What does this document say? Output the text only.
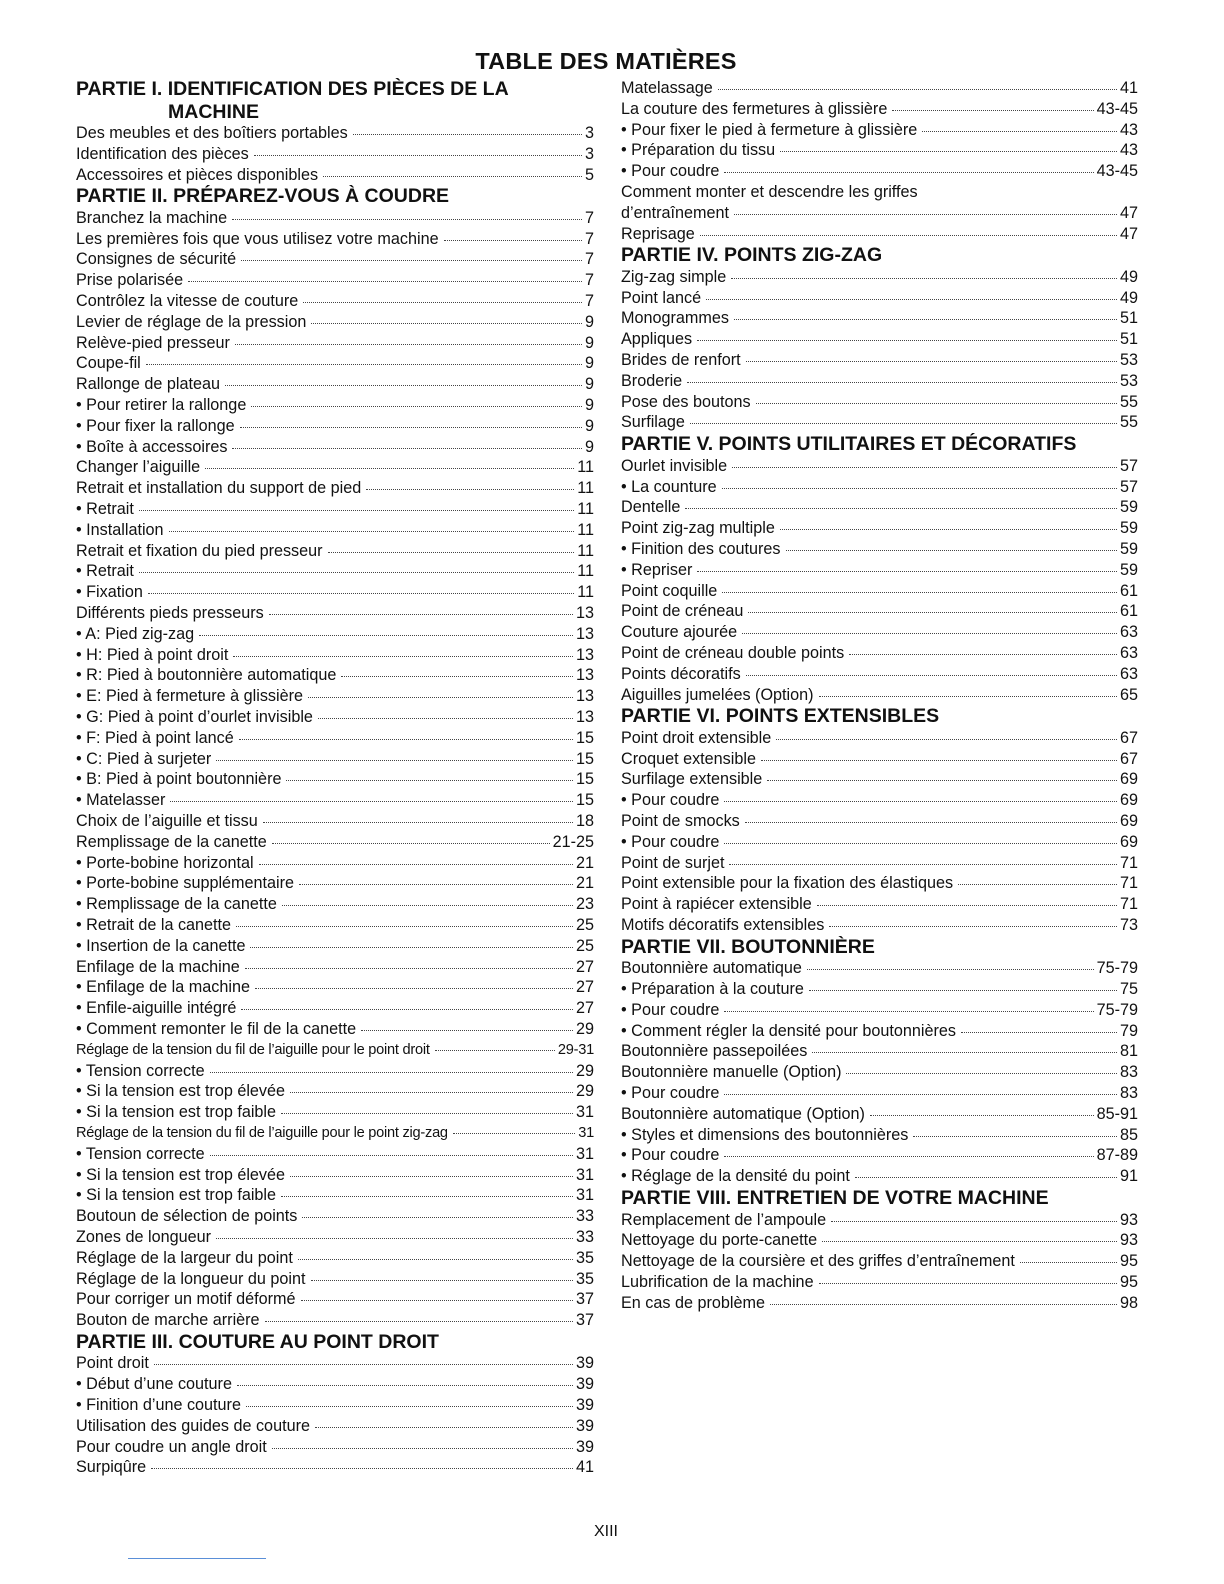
TABLE DES MATIÈRES
PARTIE I. IDENTIFICATION DES PIÈCES DE LA
MACHINE
Des meubles et des boîtiers portables	3
Identification des pièces	3
Accessoires et pièces disponibles	5
PARTIE II. PRÉPAREZ-VOUS À COUDRE
Branchez la machine	7
Les premières fois que vous utilisez votre machine	7
Consignes de sécurité	7
Prise polarisée	7
Contrôlez la vitesse de couture	7
Levier de réglage de la pression	9
Relève-pied presseur	9
Coupe-fil	9
Rallonge de plateau	9
• Pour retirer la rallonge	9
• Pour fixer la rallonge	9
• Boîte à accessoires	9
Changer l’aiguille	11
Retrait et installation du support de pied	11
• Retrait	11
• Installation	11
Retrait et fixation du pied presseur	11
• Retrait	11
• Fixation	11
Différents pieds presseurs	13
• A: Pied zig-zag	13
• H: Pied à point droit	13
• R: Pied à boutonnière automatique	13
• E: Pied à fermeture à glissière	13
• G: Pied à point d’ourlet invisible	13
• F: Pied à point lancé	15
• C: Pied à surjeter	15
• B: Pied à point boutonnière	15
• Matelasser	15
Choix de l’aiguille et tissu	18
Remplissage de la canette	21-25
• Porte-bobine horizontal	21
• Porte-bobine supplémentaire	21
• Remplissage de la canette	23
• Retrait de la canette	25
• Insertion de la canette	25
Enfilage de la machine	27
• Enfilage de la machine	27
• Enfile-aiguille intégré	27
• Comment remonter le fil de la canette	29
Réglage de la tension du fil de l’aiguille pour le point droit	29-31
• Tension correcte	29
• Si la tension est trop élevée	29
• Si la tension est trop faible	31
Réglage de la tension du fil de l’aiguille pour le point zig-zag	31
• Tension correcte	31
• Si la tension est trop élevée	31
• Si la tension est trop faible	31
Boutoun de sélection de points	33
Zones de longueur	33
Réglage de la largeur du point	35
Réglage de la longueur du point	35
Pour corriger un motif déformé	37
Bouton de marche arrière	37
PARTIE III. COUTURE AU POINT DROIT
Point droit	39
• Début d’une couture	39
• Finition d’une couture	39
Utilisation des guides de couture	39
Pour coudre un angle droit	39
Surpiqûre	41
Matelassage	41
La couture des fermetures à glissière	43-45
• Pour fixer le pied à fermeture à glissière	43
• Préparation du tissu	43
• Pour coudre	43-45
Comment monter et descendre les griffes
d’entraînement	47
Reprisage	47
PARTIE IV. POINTS ZIG-ZAG
Zig-zag simple	49
Point lancé	49
Monogrammes	51
Appliques	51
Brides de renfort	53
Broderie	53
Pose des boutons	55
Surfilage	55
PARTIE V. POINTS UTILITAIRES ET DÉCORATIFS
Ourlet invisible	57
• La counture	57
Dentelle	59
Point zig-zag multiple	59
• Finition des coutures	59
• Repriser	59
Point coquille	61
Point de créneau	61
Couture ajourée	63
Point de créneau double points	63
Points décoratifs	63
Aiguilles jumelées (Option)	65
PARTIE VI. POINTS EXTENSIBLES
Point droit extensible	67
Croquet extensible	67
Surfilage extensible	69
• Pour coudre	69
Point de smocks	69
• Pour coudre	69
Point de surjet	71
Point extensible pour la fixation des élastiques	71
Point à rapiécer extensible	71
Motifs décoratifs extensibles	73
PARTIE VII. BOUTONNIÈRE
Boutonnière automatique	75-79
• Préparation à la couture	75
• Pour coudre	75-79
• Comment régler la densité pour boutonnières	79
Boutonnière passepoilées	81
Boutonnière manuelle (Option)	83
• Pour coudre	83
Boutonnière automatique (Option)	85-91
• Styles et dimensions des boutonnières	85
• Pour coudre	87-89
• Réglage de la densité du point	91
PARTIE VIII. ENTRETIEN DE VOTRE MACHINE
Remplacement de l’ampoule	93
Nettoyage du porte-canette	93
Nettoyage de la coursière et des griffes d’entraînement	95
Lubrification de la machine	95
En cas de problème	98
XIII
